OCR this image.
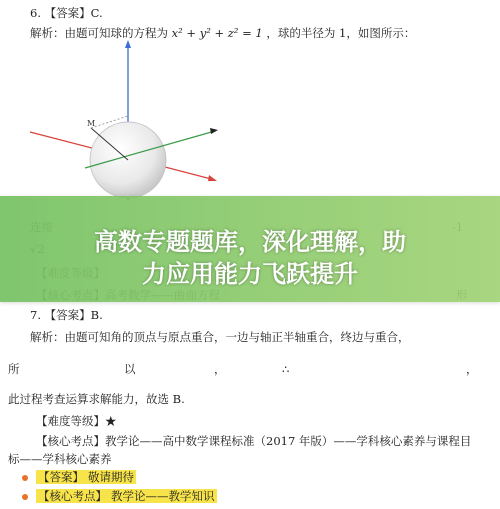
6. 【答案】C.
解析：由题可知球的方程为 x² + y² + z² = 1 ，球的半径为 1，如图所示：
M
高数专题题库，深化理解，助
力应用能力飞跃提升
7. 【答案】B.
解析：由题可知角的顶点与原点重合，一边与轴正半轴重合，终边与重合，
所	以	，	∴	，
此过程考查运算求解能力，故选 B.
【难度等级】★
【核心考点】教学论——高中数学课程标准（2017 年版）——学科核心素养与课程目
标——学科核心素养
【答案】 敬请期待
【核心考点】 教学论——教学知识
